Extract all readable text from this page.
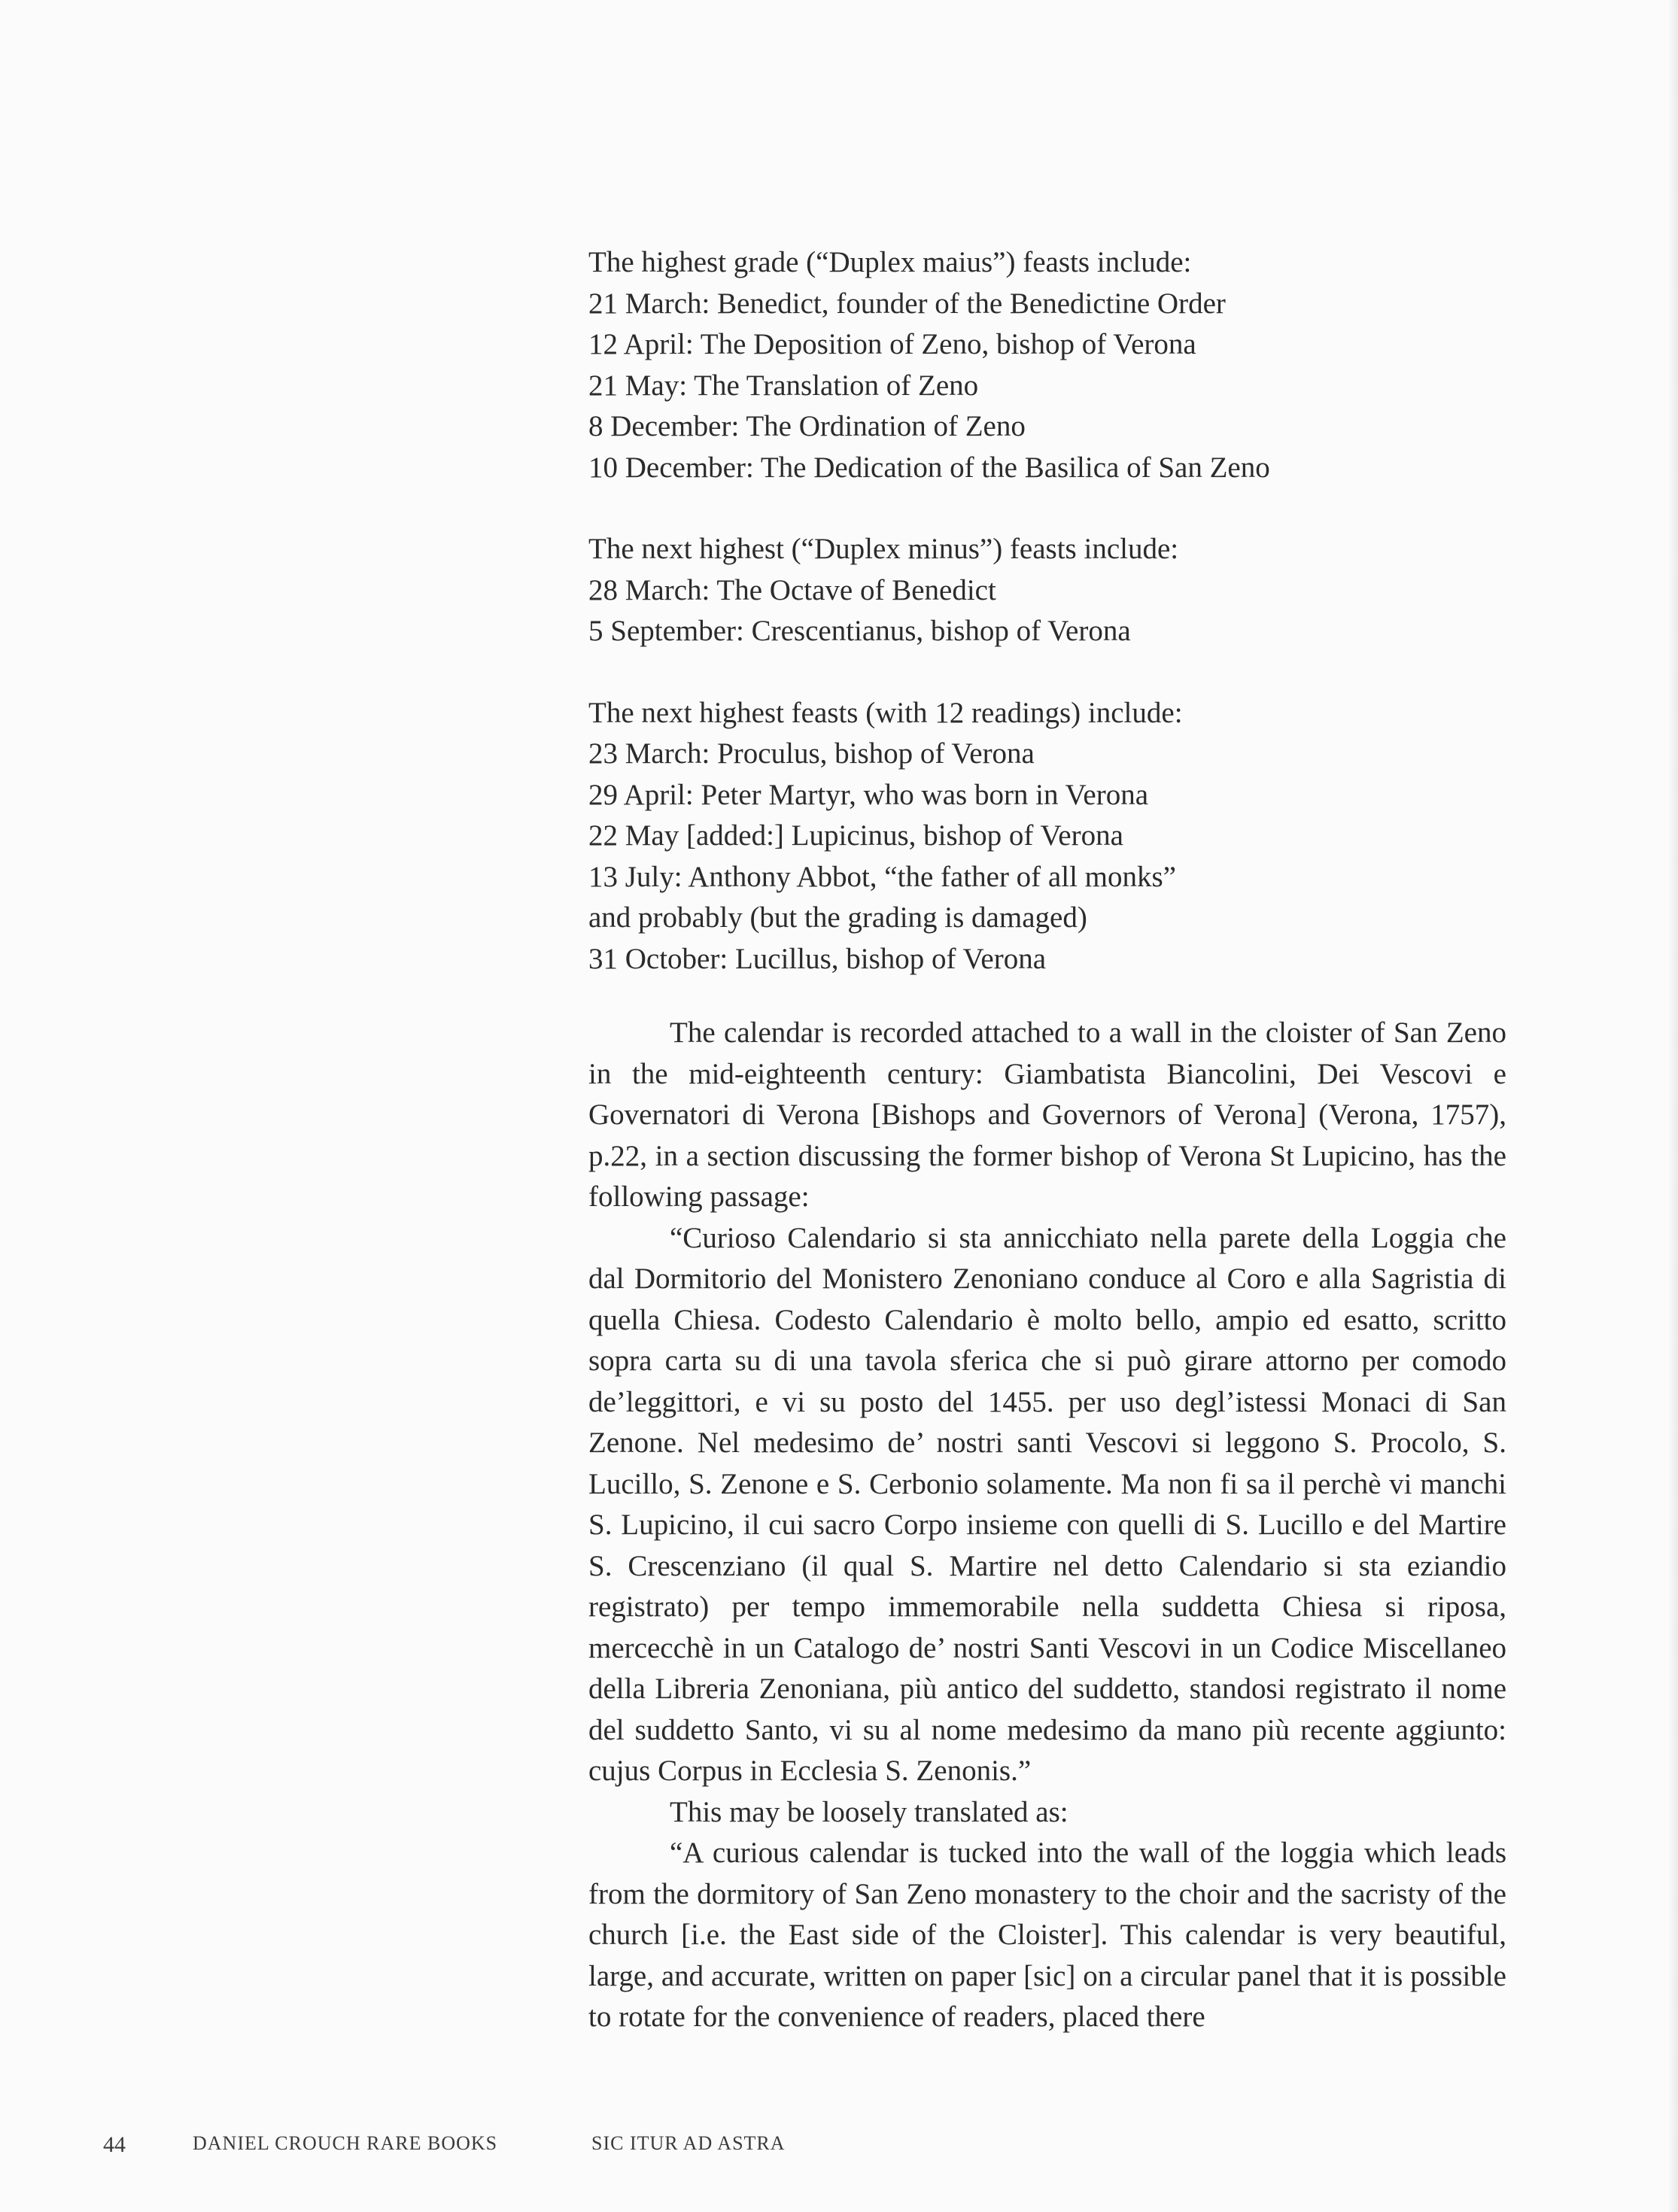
The highest grade (“Duplex maius”) feasts include:

21 March: Benedict, founder of the Benedictine Order

12 April: The Deposition of Zeno, bishop of Verona

21 May: The Translation of Zeno

8 December: The Ordination of Zeno

10 December: The Dedication of the Basilica of San Zeno

The next highest (“Duplex minus”) feasts include:

28 March: The Octave of Benedict

5 September: Crescentianus, bishop of Verona

The next highest feasts (with 12 readings) include:

23 March: Proculus, bishop of Verona

29 April: Peter Martyr, who was born in Verona

22 May [added:] Lupicinus, bishop of Verona

13 July: Anthony Abbot, “the father of all monks”

and probably (but the grading is damaged)

31 October: Lucillus, bishop of Verona

The calendar is recorded attached to a wall in the cloister of San Zeno in the mid-eighteenth century: Giambatista Biancolini, Dei Vescovi e Governatori di Verona [Bishops and Governors of Verona] (Verona, 1757), p.22, in a section discussing the former bishop of Verona St Lupicino, has the following passage:

“Curioso Calendario si sta annicchiato nella parete della Loggia che dal Dormitorio del Monistero Zenoniano conduce al Coro e alla Sagristia di quella Chiesa. Codesto Calendario è molto bello, ampio ed esatto, scritto sopra carta su di una tavola sferica che si può girare attorno per comodo de’leggittori, e vi su posto del 1455. per uso degl’istessi Monaci di San Zenone. Nel medesimo de’ nostri santi Vescovi si leggono S. Procolo, S. Lucillo, S. Zenone e S. Cerbonio solamente. Ma non fi sa il perchè vi manchi S. Lupicino, il cui sacro Corpo insieme con quelli di S. Lucillo e del Martire S. Crescenziano (il qual S. Martire nel detto Calendario si sta eziandio registrato) per tempo immemorabile nella suddetta Chiesa si riposa, mercecchè in un Catalogo de’ nostri Santi Vescovi in un Codice Miscellaneo della Libreria Zenoniana, più antico del suddetto, standosi registrato il nome del suddetto Santo, vi su al nome medesimo da mano più recente aggiunto: cujus Corpus in Ecclesia S. Zenonis.”

This may be loosely translated as:

“A curious calendar is tucked into the wall of the loggia which leads from the dormitory of San Zeno monastery to the choir and the sacristy of the church [i.e. the East side of the Cloister]. This calendar is very beautiful, large, and accurate, written on paper [sic] on a circular panel that it is possible to rotate for the convenience of readers, placed there

44	DANIEL CROUCH RARE BOOKS	SIC ITUR AD ASTRA
